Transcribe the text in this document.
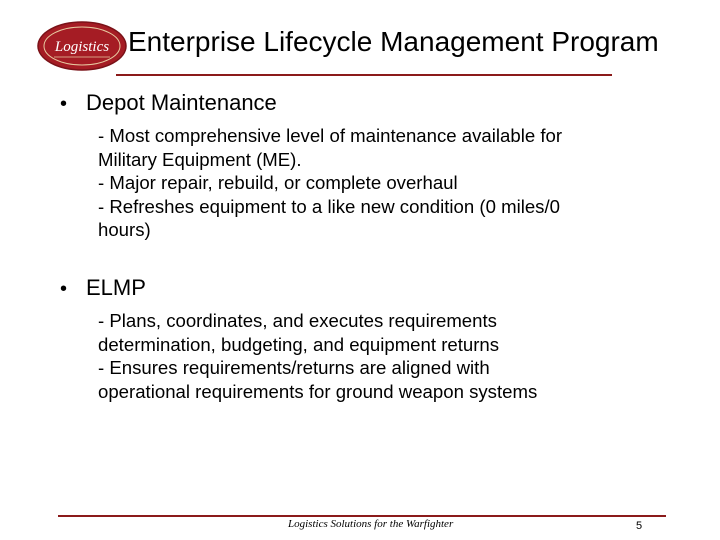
Logistics Enterprise Lifecycle Management Program
• Depot Maintenance
- Most comprehensive level of maintenance available for
Military Equipment (ME).
- Major repair, rebuild, or complete overhaul
- Refreshes equipment to a like new condition (0 miles/0
hours)
• ELMP
- Plans, coordinates, and executes requirements
determination, budgeting, and equipment returns
- Ensures requirements/returns are aligned with
operational requirements for ground weapon systems
Logistics Solutions for the Warfighter	5
